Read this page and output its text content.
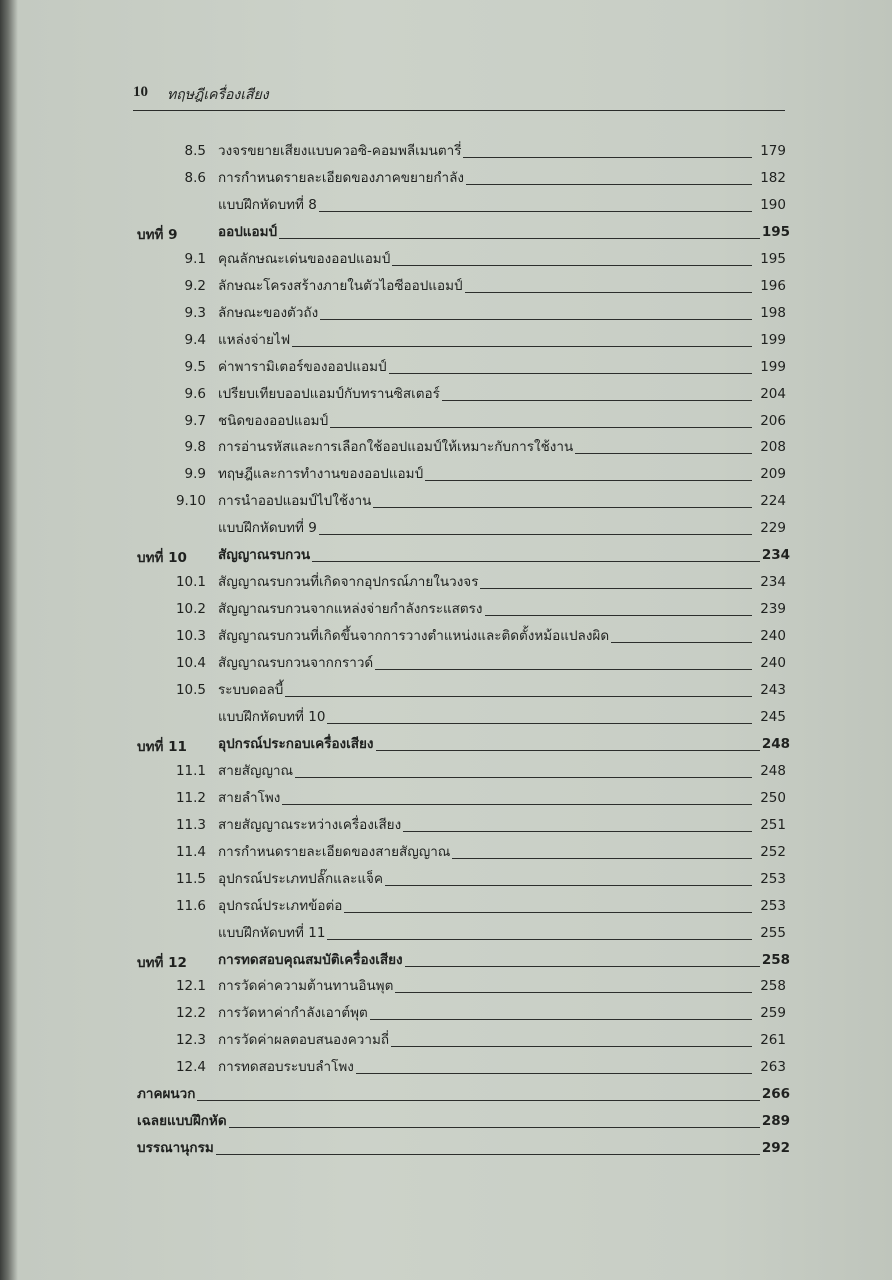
10 ทฤษฎีเครื่องเสียง
8.5 วงจรขยายเสียงแบบควอซิ-คอมพลีเมนตารี่	179
8.6 การกำหนดรายละเอียดของภาคขยายกำลัง	182
แบบฝึกหัดบทที่ 8	190
บทที่ 9	ออปแอมป์	195
9.1 คุณลักษณะเด่นของออปแอมป์	195
9.2 ลักษณะโครงสร้างภายในตัวไอซีออปแอมป์	196
9.3 ลักษณะของตัวถัง	198
9.4 แหล่งจ่ายไฟ	199
9.5 ค่าพารามิเตอร์ของออปแอมป์	199
9.6 เปรียบเทียบออปแอมป์กับทรานซิสเตอร์	204
9.7 ชนิดของออปแอมป์	206
9.8 การอ่านรหัสและการเลือกใช้ออปแอมป์ให้เหมาะกับการใช้งาน	208
9.9 ทฤษฎีและการทำงานของออปแอมป์	209
9.10 การนำออปแอมป์ไปใช้งาน	224
แบบฝึกหัดบทที่ 9	229
บทที่ 10 สัญญาณรบกวน	234
10.1 สัญญาณรบกวนที่เกิดจากอุปกรณ์ภายในวงจร	234
10.2 สัญญาณรบกวนจากแหล่งจ่ายกำลังกระแสตรง	239
10.3 สัญญาณรบกวนที่เกิดขึ้นจากการวางตำแหน่งและติดตั้งหม้อแปลงผิด	240
10.4 สัญญาณรบกวนจากกราวด์	240
10.5 ระบบดอลบี้	243
แบบฝึกหัดบทที่ 10	245
บทที่ 11 อุปกรณ์ประกอบเครื่องเสียง	248
11.1 สายสัญญาณ	248
11.2 สายลำโพง	250
11.3 สายสัญญาณระหว่างเครื่องเสียง	251
11.4 การกำหนดรายละเอียดของสายสัญญาณ	252
11.5 อุปกรณ์ประเภทปลั๊กและแจ็ค	253
11.6 อุปกรณ์ประเภทข้อต่อ	253
แบบฝึกหัดบทที่ 11	255
บทที่ 12 การทดสอบคุณสมบัติเครื่องเสียง	258
12.1 การวัดค่าความต้านทานอินพุต	258
12.2 การวัดหาค่ากำลังเอาต์พุต	259
12.3 การวัดค่าผลตอบสนองความถี่	261
12.4 การทดสอบระบบลำโพง	263
ภาคผนวก	266
เฉลยแบบฝึกหัด	289
บรรณานุกรม	292
